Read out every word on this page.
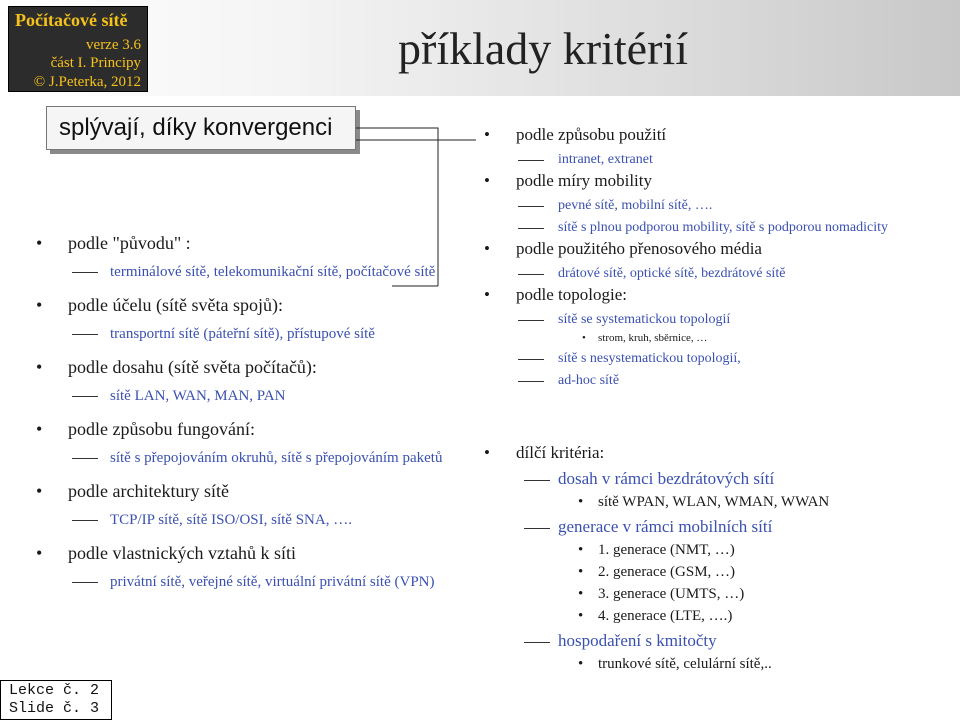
Počítačové sítě
verze 3.6
část I. Principy
© J.Peterka, 2012
příklady kritérií
splývají, díky konvergenci
• podle "původu" :
terminálové sítě, telekomunikační sítě, počítačové sítě
• podle účelu (sítě světa spojů):
transportní sítě (páteřní sítě), přístupové sítě
• podle dosahu (sítě světa počítačů):
sítě LAN, WAN, MAN, PAN
• podle způsobu fungování:
sítě s přepojováním okruhů, sítě s přepojováním paketů
• podle architektury sítě
TCP/IP sítě, sítě ISO/OSI, sítě SNA, ….
• podle vlastnických vztahů k síti
privátní sítě, veřejné sítě, virtuální privátní sítě (VPN)
• podle způsobu použití
intranet, extranet
• podle míry mobility
pevné sítě, mobilní sítě, ….
sítě s plnou podporou mobility, sítě s podporou nomadicity
• podle použitého přenosového média
drátové sítě, optické sítě, bezdrátové sítě
• podle topologie:
sítě se systematickou topologií
• strom, kruh, sběrnice, …
sítě s nesystematickou topologií,
ad-hoc sítě
• dílčí kritéria:
dosah v rámci bezdrátových sítí
• sítě WPAN, WLAN, WMAN, WWAN
generace v rámci mobilních sítí
• 1. generace (NMT, …)
• 2. generace (GSM, …)
• 3. generace (UMTS, …)
• 4. generace (LTE, ….)
hospodaření s kmitočty
• trunkové sítě, celulární sítě,..
Lekce č. 2
Slide č. 3
